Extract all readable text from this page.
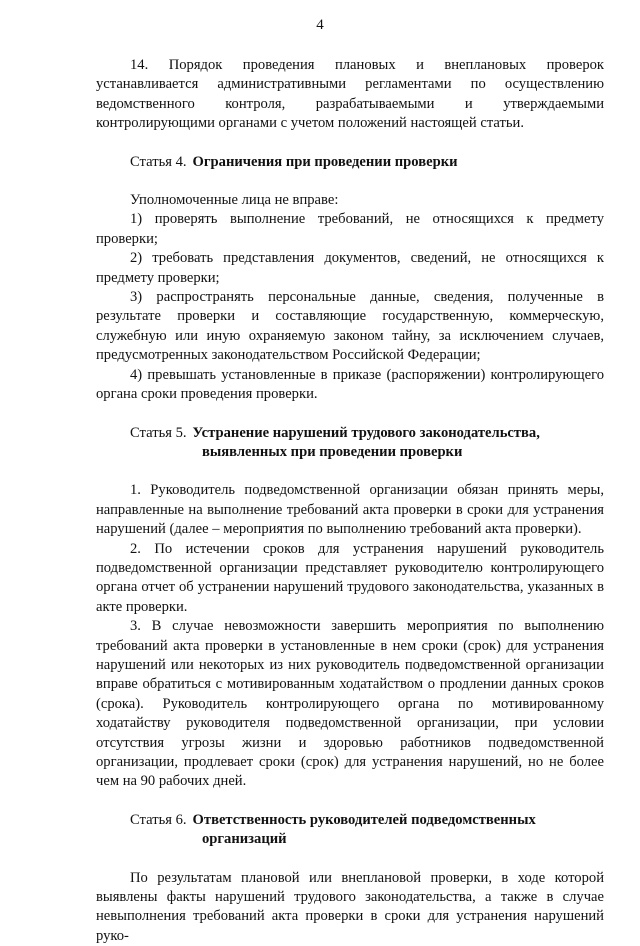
4

14. Порядок проведения плановых и внеплановых проверок устанавливается административными регламентами по осуществлению ведомственного контроля, разрабатываемыми и утверждаемыми контролирующими органами с учетом положений настоящей статьи.

Статья 4. Ограничения при проведении проверки

Уполномоченные лица не вправе:

1) проверять выполнение требований, не относящихся к предмету проверки;

2) требовать представления документов, сведений, не относящихся к предмету проверки;

3) распространять персональные данные, сведения, полученные в результате проверки и составляющие государственную, коммерческую, служебную или иную охраняемую законом тайну, за исключением случаев, предусмотренных законодательством Российской Федерации;

4) превышать установленные в приказе (распоряжении) контролирующего органа сроки проведения проверки.

Статья 5. Устранение нарушений трудового законодательства,
выявленных при проведении проверки

1. Руководитель подведомственной организации обязан принять меры, направленные на выполнение требований акта проверки в сроки для устранения нарушений (далее – мероприятия по выполнению требований акта проверки).

2. По истечении сроков для устранения нарушений руководитель подведомственной организации представляет руководителю контролирующего органа отчет об устранении нарушений трудового законодательства, указанных в акте проверки.

3. В случае невозможности завершить мероприятия по выполнению требований акта проверки в установленные в нем сроки (срок) для устранения нарушений или некоторых из них руководитель подведомственной организации вправе обратиться с мотивированным ходатайством о продлении данных сроков (срока). Руководитель контролирующего органа по мотивированному ходатайству руководителя подведомственной организации, при условии отсутствия угрозы жизни и здоровью работников подведомственной организации, продлевает сроки (срок) для устранения нарушений, но не более чем на 90 рабочих дней.

Статья 6. Ответственность руководителей подведомственных
организаций

По результатам плановой или внеплановой проверки, в ходе которой выявлены факты нарушений трудового законодательства, а также в случае невыполнения требований акта проверки в сроки для устранения нарушений руко-
